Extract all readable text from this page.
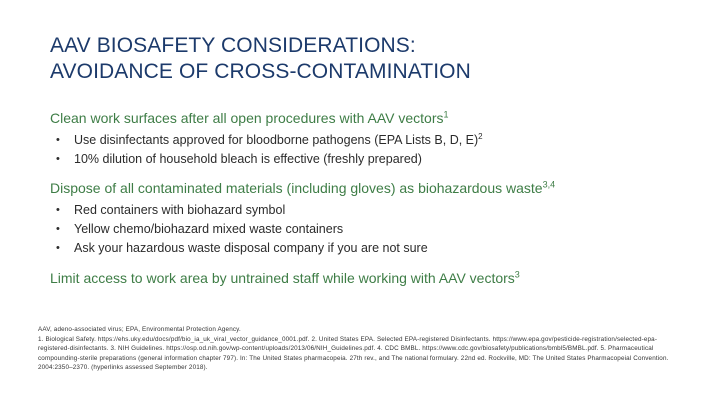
AAV BIOSAFETY CONSIDERATIONS:
AVOIDANCE OF CROSS-CONTAMINATION

Clean work surfaces after all open procedures with AAV vectors$^1$

• Use disinfectants approved for bloodborne pathogens (EPA Lists B, D, E)$^2$
• 10% dilution of household bleach is effective (freshly prepared)

Dispose of all contaminated materials (including gloves) as biohazardous waste$^{3,4}$

• Red containers with biohazard symbol
• Yellow chemo/biohazard mixed waste containers
• Ask your hazardous waste disposal company if you are not sure

Limit access to work area by untrained staff while working with AAV vectors$^3$

AAV, adeno-associated virus; EPA, Environmental Protection Agency.

1. Biological Safety. https://ehs.uky.edu/docs/pdf/bio_ia_uk_viral_vector_guidance_0001.pdf. 2. United States EPA. Selected EPA-registered Disinfectants. https://www.epa.gov/pesticide-registration/selected-epa-registered-disinfectants. 3. NIH Guidelines. https://osp.od.nih.gov/wp-content/uploads/2013/06/NIH_Guidelines.pdf. 4. CDC BMBL. https://www.cdc.gov/biosafety/publications/bmbl5/BMBL.pdf. 5. Pharmaceutical compounding-sterile preparations (general information chapter 797). In: The United States pharmacopeia. 27th rev., and The national formulary. 22nd ed. Rockville, MD: The United States Pharmacopeial Convention. 2004:2350–2370. (hyperlinks assessed September 2018).
